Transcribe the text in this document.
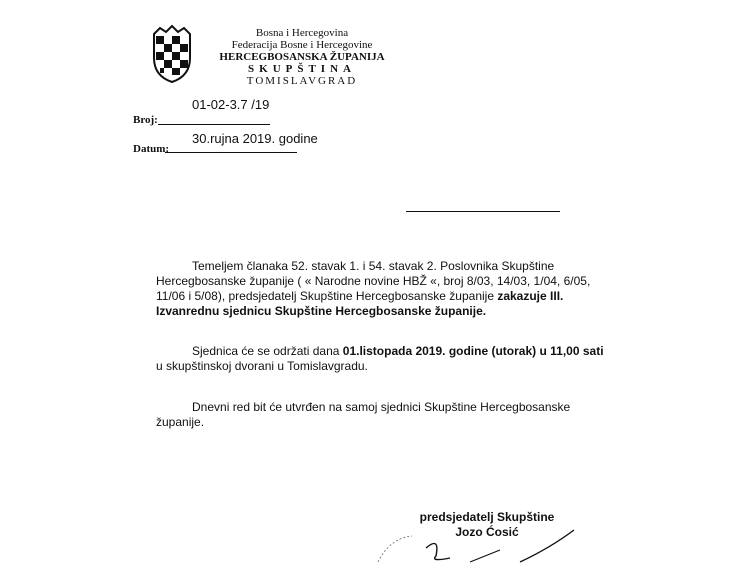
Bosna i Hercegovina
Federacija Bosne i Hercegovine
HERCEGBOSANSKA ŽUPANIJA
SKUPŠTINA
TOMISLAVGRAD
01-02-3.7 /19
Broj:
30.rujna 2019. godine
Datum:
Temeljem članaka 52. stavak 1. i 54. stavak 2. Poslovnika Skupštine Hercegbosanske županije ( « Narodne novine HBŽ «, broj 8/03, 14/03, 1/04, 6/05, 11/06 i 5/08), predsjedatelj Skupštine Hercegbosanske županije zakazuje III. Izvanrednu sjednicu Skupštine Hercegbosanske županije.
Sjednica će se održati dana 01.listopada 2019. godine (utorak) u 11,00 sati u skupštinskoj dvorani u Tomislavgradu.
Dnevni red bit će utvrđen na samoj sjednici Skupštine Hercegbosanske županije.
predsjedatelj Skupštine
Jozo Ćosić
